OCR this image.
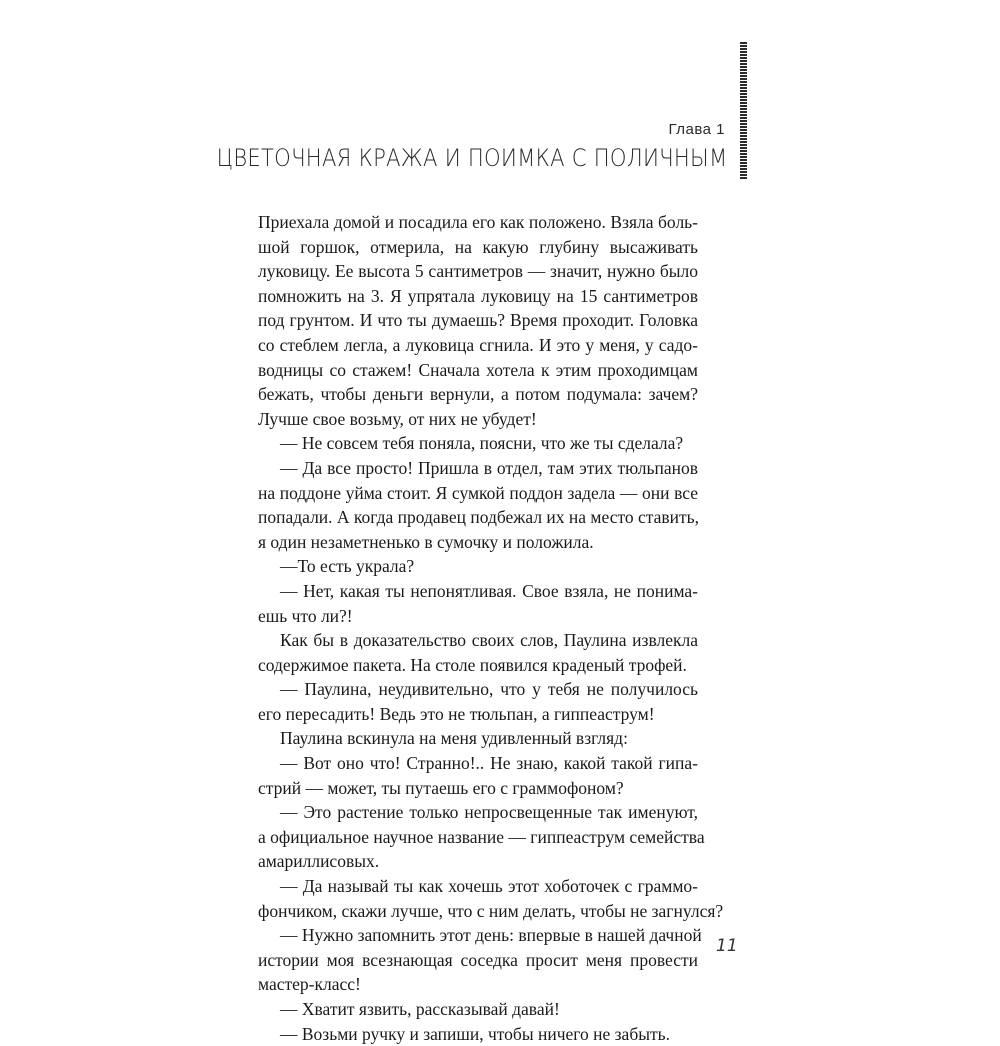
Глава 1
ЦВЕТОЧНАЯ КРАЖА И ПОИМКА С ПОЛИЧНЫМ
Приехала домой и посадила его как положено. Взяла боль-
шой горшок, отмерила, на какую глубину высаживать
луковицу. Ее высота 5 сантиметров — значит, нужно было
помножить на 3. Я упрятала луковицу на 15 сантиметров
под грунтом. И что ты думаешь? Время проходит. Головка
со стеблем легла, а луковица сгнила. И это у меня, у садо-
водницы со стажем! Сначала хотела к этим проходимцам
бежать, чтобы деньги вернули, а потом подумала: зачем?
Лучше свое возьму, от них не убудет!
— Не совсем тебя поняла, поясни, что же ты сделала?
— Да все просто! Пришла в отдел, там этих тюльпанов
на поддоне уйма стоит. Я сумкой поддон задела — они все
попадали. А когда продавец подбежал их на место ставить,
я один незаметненько в сумочку и положила.
—То есть украла?
— Нет, какая ты непонятливая. Свое взяла, не понима-
ешь что ли?!
Как бы в доказательство своих слов, Паулина извлекла
содержимое пакета. На столе появился краденый трофей.
— Паулина, неудивительно, что у тебя не получилось
его пересадить! Ведь это не тюльпан, а гиппеаструм!
Паулина вскинула на меня удивленный взгляд:
— Вот оно что! Странно!.. Не знаю, какой такой гипа-
стрий — может, ты путаешь его с граммофоном?
— Это растение только непросвещенные так именуют,
а официальное научное название — гиппеаструм семейства
амариллисовых.
— Да называй ты как хочешь этот хоботочек с граммо-
фончиком, скажи лучше, что с ним делать, чтобы не загнулся?
— Нужно запомнить этот день: впервые в нашей дачной
истории моя всезнающая соседка просит меня провести
мастер-класс!
— Хватит язвить, рассказывай давай!
— Возьми ручку и запиши, чтобы ничего не забыть.
11
